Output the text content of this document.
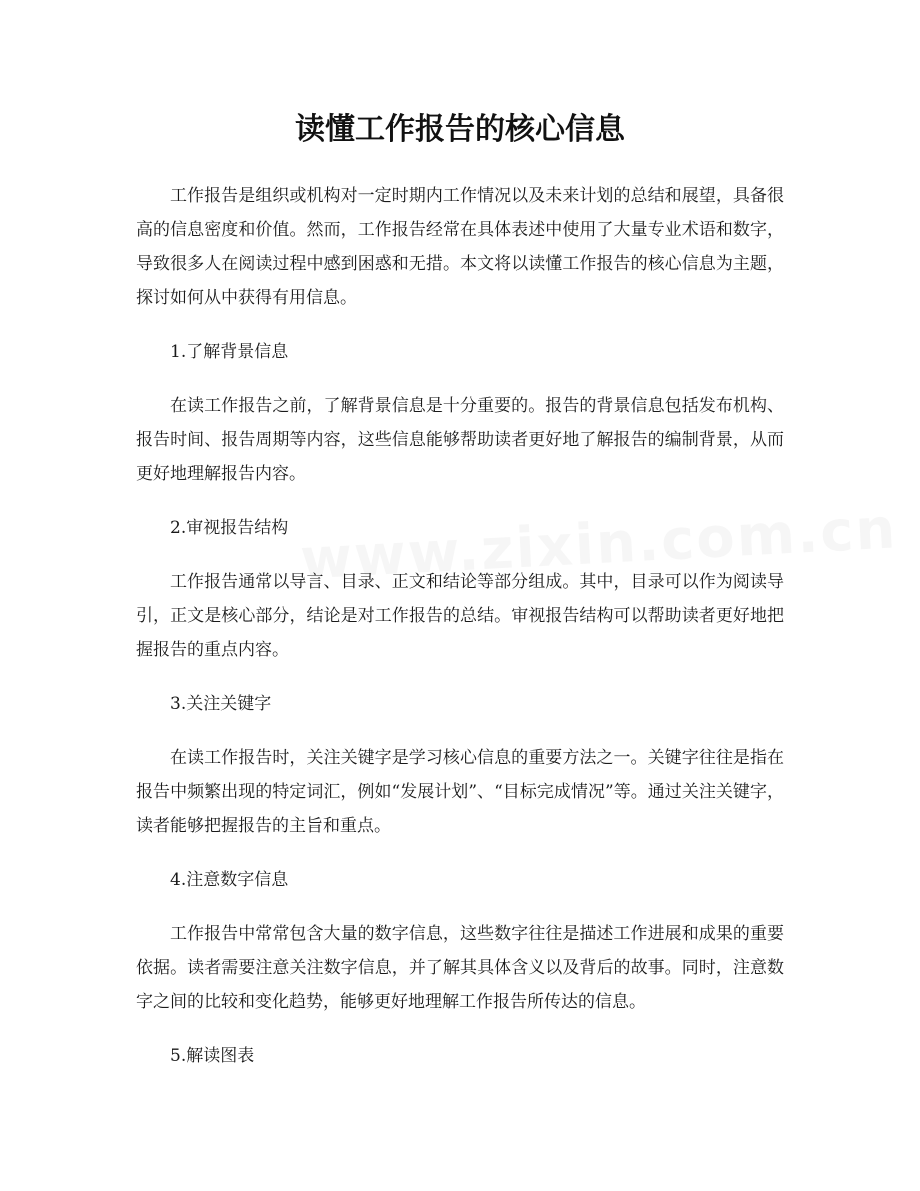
读懂工作报告的核心信息

工作报告是组织或机构对一定时期内工作情况以及未来计划的总结和展望，具备很高的信息密度和价值。然而，工作报告经常在具体表述中使用了大量专业术语和数字，导致很多人在阅读过程中感到困惑和无措。本文将以读懂工作报告的核心信息为主题，探讨如何从中获得有用信息。

1.了解背景信息

在读工作报告之前，了解背景信息是十分重要的。报告的背景信息包括发布机构、报告时间、报告周期等内容，这些信息能够帮助读者更好地了解报告的编制背景，从而更好地理解报告内容。

2.审视报告结构

工作报告通常以导言、目录、正文和结论等部分组成。其中，目录可以作为阅读导引，正文是核心部分，结论是对工作报告的总结。审视报告结构可以帮助读者更好地把握报告的重点内容。

3.关注关键字

在读工作报告时，关注关键字是学习核心信息的重要方法之一。关键字往往是指在报告中频繁出现的特定词汇，例如“发展计划”、“目标完成情况”等。通过关注关键字，读者能够把握报告的主旨和重点。

4.注意数字信息

工作报告中常常包含大量的数字信息，这些数字往往是描述工作进展和成果的重要依据。读者需要注意关注数字信息，并了解其具体含义以及背后的故事。同时，注意数字之间的比较和变化趋势，能够更好地理解工作报告所传达的信息。

5.解读图表
